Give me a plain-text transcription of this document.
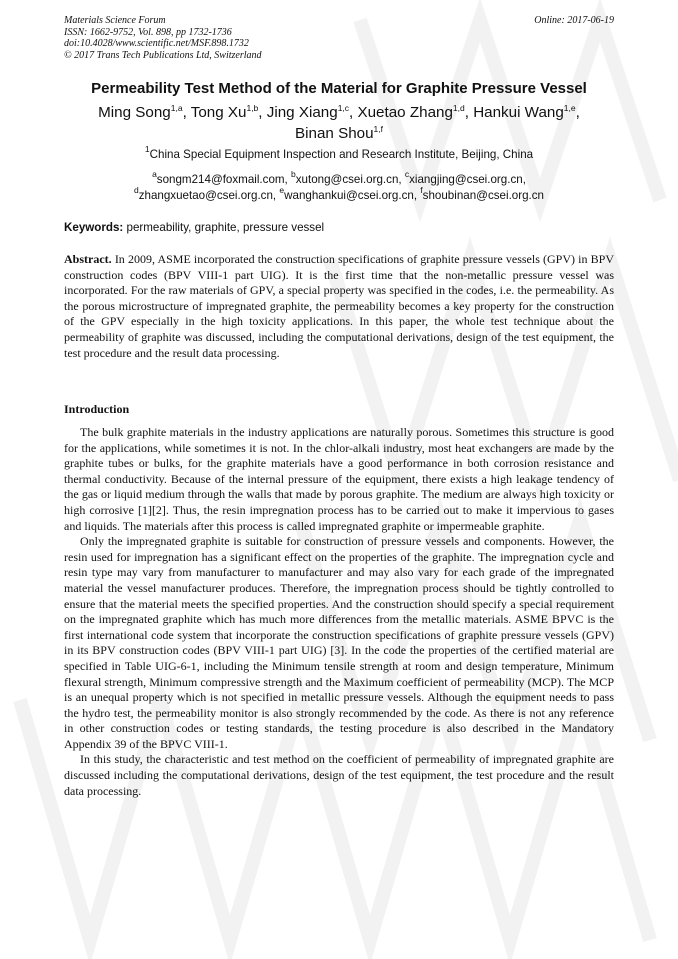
Materials Science Forum
ISSN: 1662-9752, Vol. 898, pp 1732-1736
doi:10.4028/www.scientific.net/MSF.898.1732
© 2017 Trans Tech Publications Ltd, Switzerland
Online: 2017-06-19
Permeability Test Method of the Material for Graphite Pressure Vessel
Ming Song$^{1,a}$, Tong Xu$^{1,b}$, Jing Xiang$^{1,c}$, Xuetao Zhang$^{1,d}$, Hankui Wang$^{1,e}$,
Binan Shou$^{1,f}$
$^1$China Special Equipment Inspection and Research Institute, Beijing, China
$^a$songm214@foxmail.com, $^b$xutong@csei.org.cn, $^c$xiangjing@csei.org.cn,
$^d$zhangxuetao@csei.org.cn, $^e$wanghankui@csei.org.cn, $^f$shoubinan@csei.org.cn
Keywords: permeability, graphite, pressure vessel
Abstract. In 2009, ASME incorporated the construction specifications of graphite pressure vessels (GPV) in BPV construction codes (BPV VIII-1 part UIG). It is the first time that the non-metallic pressure vessel was incorporated. For the raw materials of GPV, a special property was specified in the codes, i.e. the permeability. As the porous microstructure of impregnated graphite, the permeability becomes a key property for the construction of the GPV especially in the high toxicity applications. In this paper, the whole test technique about the permeability of graphite was discussed, including the computational derivations, design of the test equipment, the test procedure and the result data processing.
Introduction

The bulk graphite materials in the industry applications are naturally porous. Sometimes this structure is good for the applications, while sometimes it is not. In the chlor-alkali industry, most heat exchangers are made by the graphite tubes or bulks, for the graphite materials have a good performance in both corrosion resistance and thermal conductivity. Because of the internal pressure of the equipment, there exists a high leakage tendency of the gas or liquid medium through the walls that made by porous graphite. The medium are always high toxicity or high corrosive [1][2]. Thus, the resin impregnation process has to be carried out to make it impervious to gases and liquids. The materials after this process is called impregnated graphite or impermeable graphite.

Only the impregnated graphite is suitable for construction of pressure vessels and components. However, the resin used for impregnation has a significant effect on the properties of the graphite. The impregnation cycle and resin type may vary from manufacturer to manufacturer and may also vary for each grade of the impregnated material the vessel manufacturer produces. Therefore, the impregnation process should be tightly controlled to ensure that the material meets the specified properties. And the construction should specify a special requirement on the impregnated graphite which has much more differences from the metallic materials. ASME BPVC is the first international code system that incorporate the construction specifications of graphite pressure vessels (GPV) in its BPV construction codes (BPV VIII-1 part UIG) [3]. In the code the properties of the certified material are specified in Table UIG-6-1, including the Minimum tensile strength at room and design temperature, Minimum flexural strength, Minimum compressive strength and the Maximum coefficient of permeability (MCP). The MCP is an unequal property which is not specified in metallic pressure vessels. Although the equipment needs to pass the hydro test, the permeability monitor is also strongly recommended by the code. As there is not any reference in other construction codes or testing standards, the testing procedure is also described in the Mandatory Appendix 39 of the BPVC VIII-1.

In this study, the characteristic and test method on the coefficient of permeability of impregnated graphite are discussed including the computational derivations, design of the test equipment, the test procedure and the result data processing.
